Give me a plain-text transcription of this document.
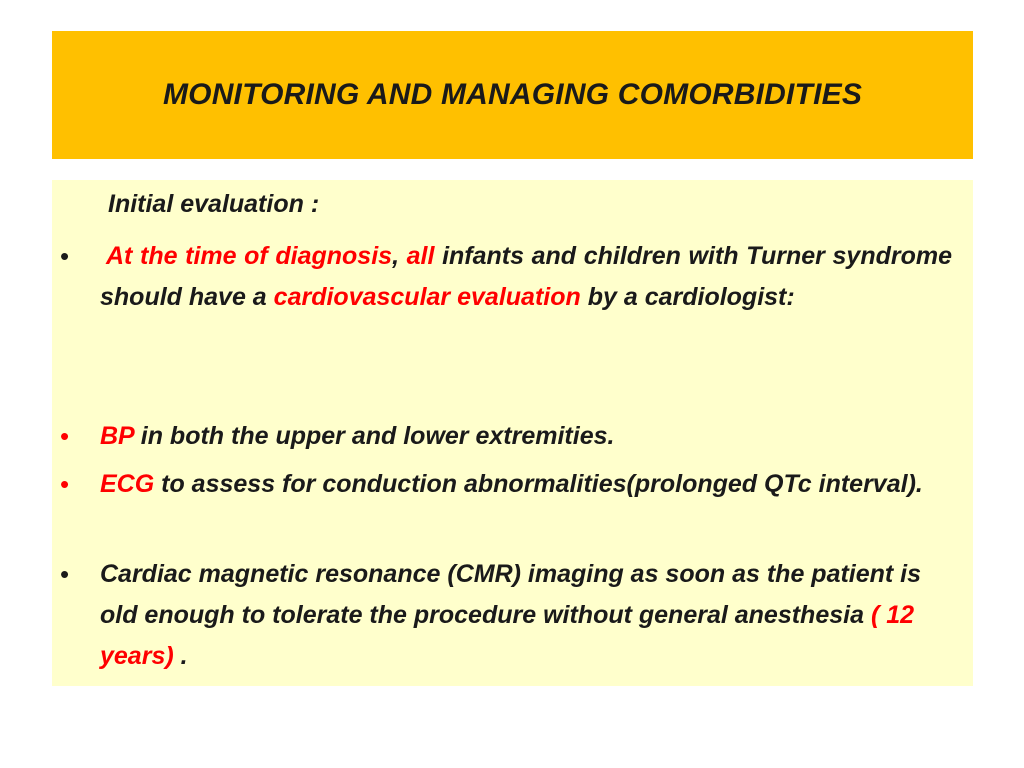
MONITORING AND MANAGING COMORBIDITIES
Initial evaluation :
• At the time of diagnosis, all infants and children with Turner syndrome should have a cardiovascular evaluation by a cardiologist:
• BP in both the upper and lower extremities.
• ECG to assess for conduction abnormalities(prolonged QTc interval).
• Cardiac magnetic resonance (CMR) imaging as soon as the patient is old enough to tolerate the procedure without general anesthesia ( 12 years) .
